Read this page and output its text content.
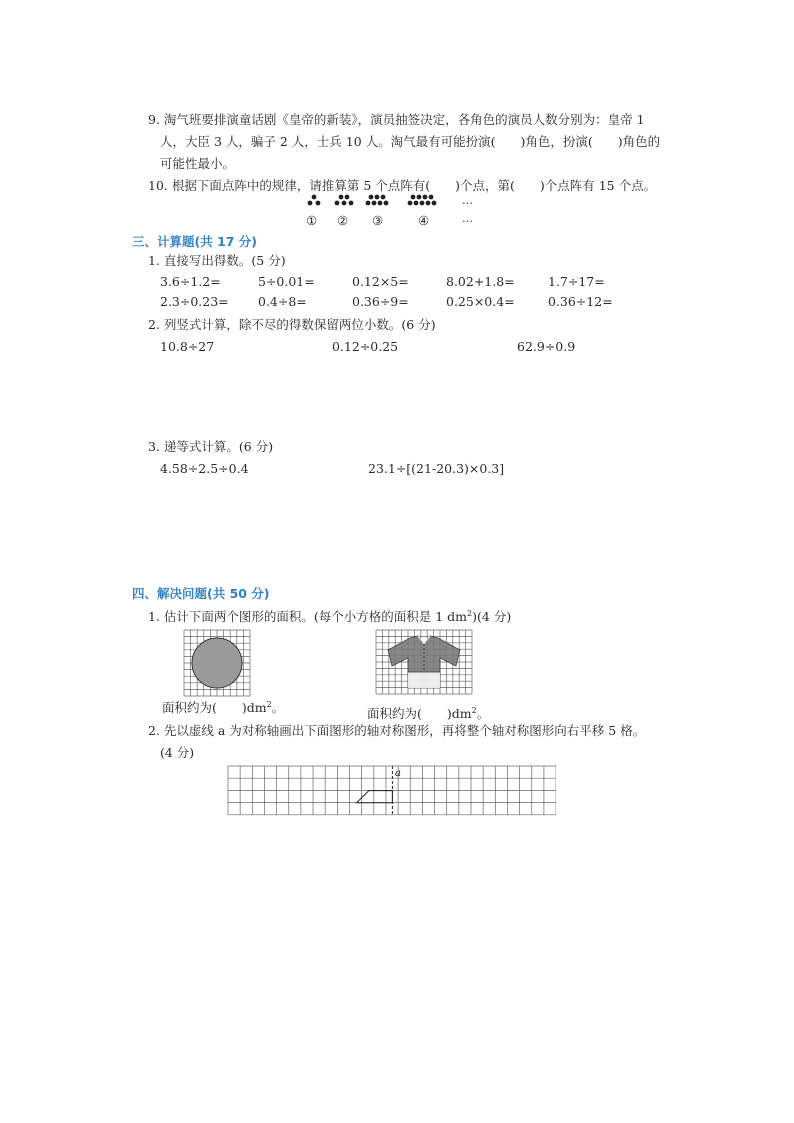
9. 淘气班要排演童话剧《皇帝的新装》，演员抽签决定，各角色的演员人数分别为：皇帝 1
人，大臣 3 人，骗子 2 人，士兵 10 人。淘气最有可能扮演(　　)角色，扮演(　　)角色的
可能性最小。
10. 根据下面点阵中的规律，请推算第 5 个点阵有(　　)个点，第(　　)个点阵有 15 个点。
① ② ③	④
…
…
三、计算题(共 17 分)
1. 直接写出得数。(5 分)
3.6÷1.2=	5÷0.01=	0.12×5=	8.02+1.8=	1.7÷17=
2.3÷0.23= 0.4÷8=	0.36÷9=	0.25×0.4=	0.36÷12=
2. 列竖式计算，除不尽的得数保留两位小数。(6 分)
10.8÷27	0.12÷0.25	62.9÷0.9
3. 递等式计算。(6 分)
4.58÷2.5÷0.4	23.1÷[(21-20.3)×0.3]
四、解决问题(共 50 分)
1. 估计下面两个图形的面积。(每个小方格的面积是 1 $dm^2)(4$ 分)
面积约为(　　)$dm^2$。	面积约为(　　)$dm^2$。
2. 先以虚线 a 为对称轴画出下面图形的轴对称图形，再将整个轴对称图形向右平移 5 格。
(4 分)
a
